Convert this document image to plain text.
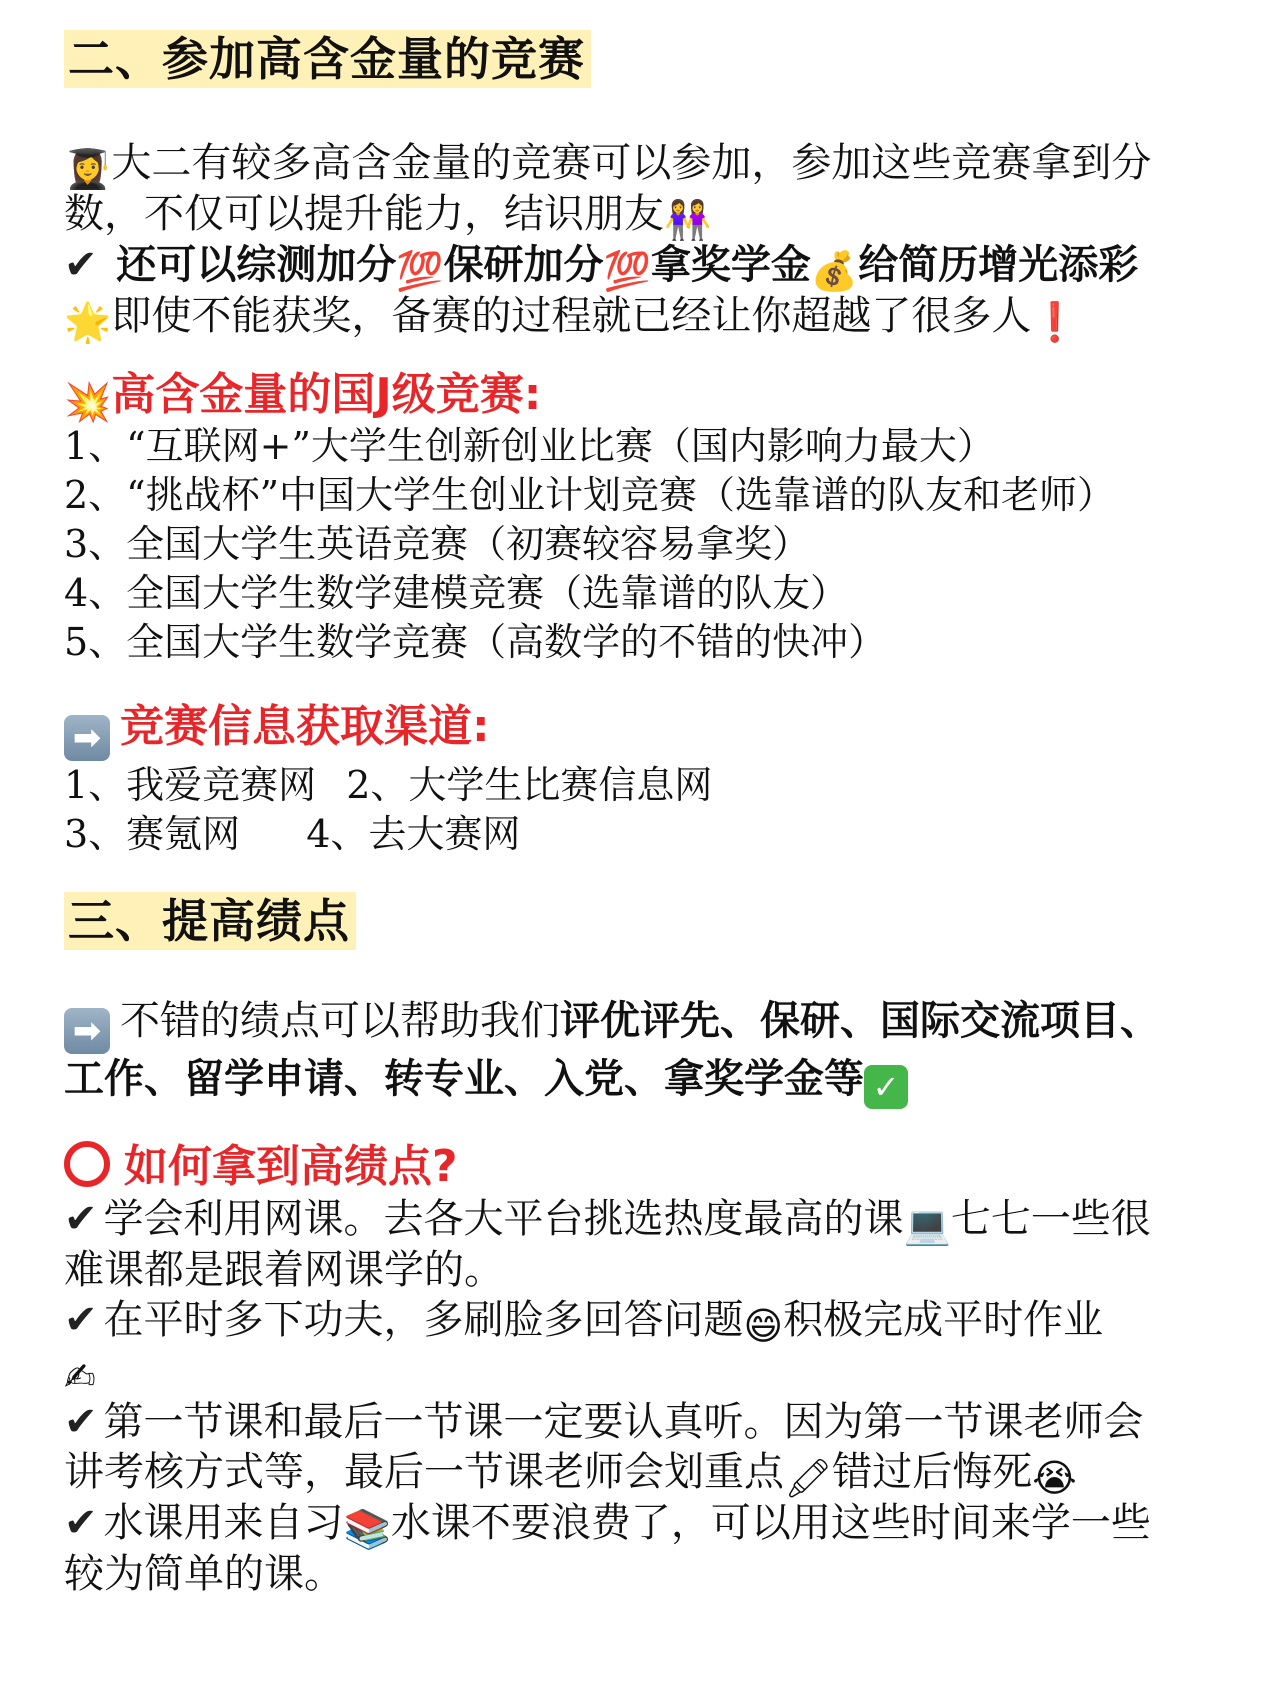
二、参加高含金量的竞赛
👩‍🎓大二有较多高含金量的竞赛可以参加，参加这些竞赛拿到分
数，不仅可以提升能力，结识朋友👭
✔ 还可以综测加分💯保研加分💯拿奖学金💰给简历增光添彩
🌟即使不能获奖，备赛的过程就已经让你超越了很多人❗
💥高含金量的国J级竞赛:
1、“互联网+”大学生创新创业比赛（国内影响力最大）
2、“挑战杯”中国大学生创业计划竞赛（选靠谱的队友和老师）
3、全国大学生英语竞赛（初赛较容易拿奖）
4、全国大学生数学建模竞赛（选靠谱的队友）
5、全国大学生数学竞赛（高数学的不错的快冲）
➡ 竞赛信息获取渠道:
1、我爱竞赛网 2、大学生比赛信息网
3、赛氪网 4、去大赛网
三、提高绩点
➡ 不错的绩点可以帮助我们评优评先、保研、国际交流项目、
工作、留学申请、转专业、入党、拿奖学金等 ✓
如何拿到高绩点?
✔ 学会利用网课。去各大平台挑选热度最高的课💻七七一些很
难课都是跟着网课学的。
✔ 在平时多下功夫，多刷脸多回答问题😄积极完成平时作业
✍
✔ 第一节课和最后一节课一定要认真听。因为第一节课老师会
讲考核方式等，最后一节课老师会划重点🖍错过后悔死😭
✔ 水课用来自习📚水课不要浪费了，可以用这些时间来学一些
较为简单的课。
